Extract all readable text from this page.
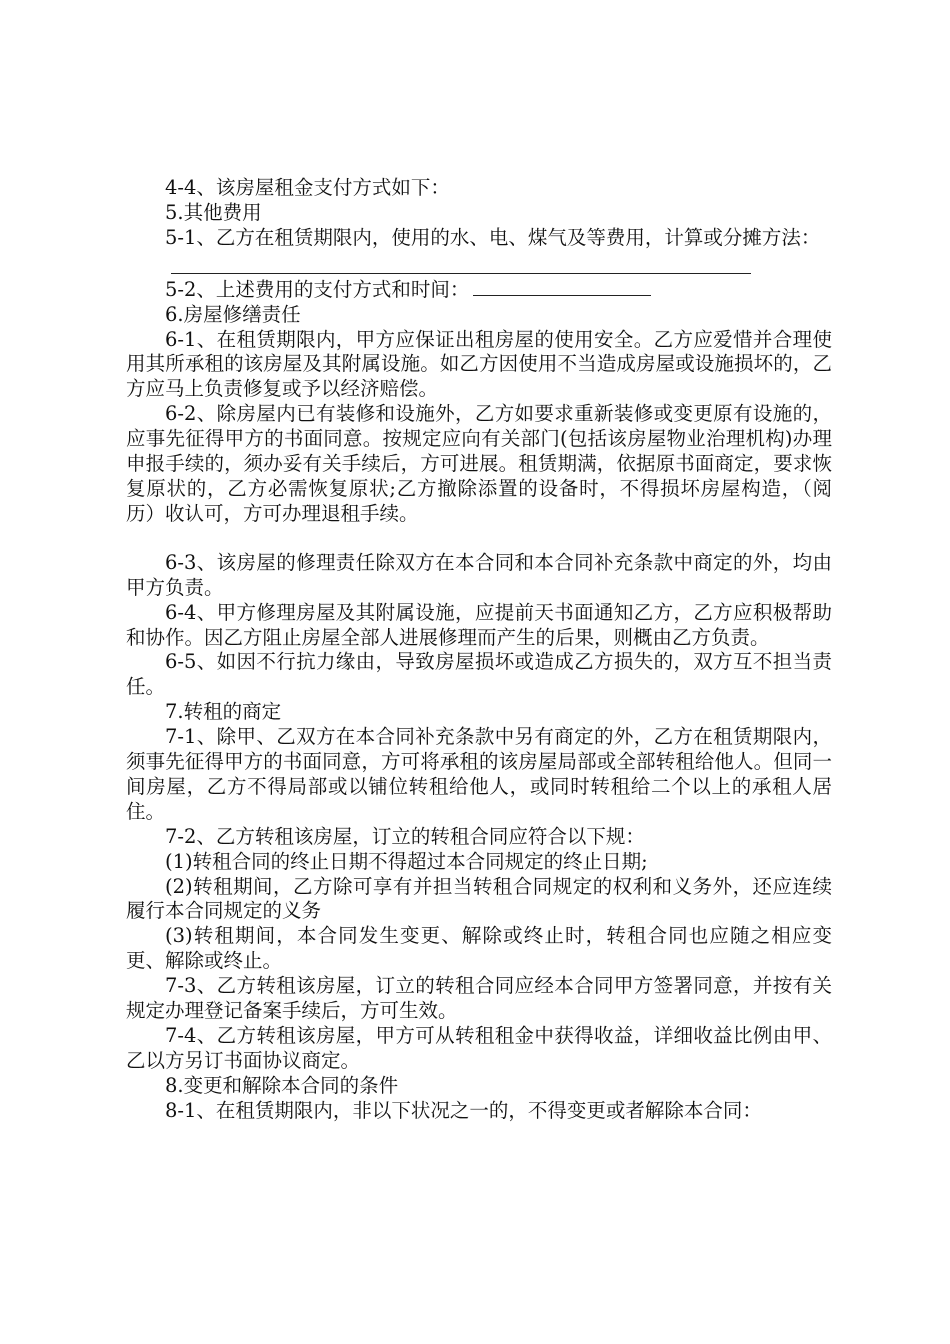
4-4、该房屋租金支付方式如下：

5.其他费用

5-1、乙方在租赁期限内，使用的水、电、煤气及等费用，计算或分摊方法：

5-2、上述费用的支付方式和时间：

6.房屋修缮责任

6-1、在租赁期限内，甲方应保证出租房屋的使用安全。乙方应爱惜并合理使用其所承租的该房屋及其附属设施。如乙方因使用不当造成房屋或设施损坏的，乙方应马上负责修复或予以经济赔偿。

6-2、除房屋内已有装修和设施外，乙方如要求重新装修或变更原有设施的，应事先征得甲方的书面同意。按规定应向有关部门(包括该房屋物业治理机构)办理申报手续的，须办妥有关手续后，方可进展。租赁期满，依据原书面商定，要求恢复原状的，乙方必需恢复原状;乙方撤除添置的设备时，不得损坏房屋构造，（阅历）收认可，方可办理退租手续。

6-3、该房屋的修理责任除双方在本合同和本合同补充条款中商定的外，均由甲方负责。

6-4、甲方修理房屋及其附属设施，应提前天书面通知乙方，乙方应积极帮助和协作。因乙方阻止房屋全部人进展修理而产生的后果，则概由乙方负责。

6-5、如因不行抗力缘由，导致房屋损坏或造成乙方损失的，双方互不担当责任。

7.转租的商定

7-1、除甲、乙双方在本合同补充条款中另有商定的外，乙方在租赁期限内，须事先征得甲方的书面同意，方可将承租的该房屋局部或全部转租给他人。但同一间房屋，乙方不得局部或以铺位转租给他人，或同时转租给二个以上的承租人居住。

7-2、乙方转租该房屋，订立的转租合同应符合以下规：

(1)转租合同的终止日期不得超过本合同规定的终止日期;

(2)转租期间，乙方除可享有并担当转租合同规定的权利和义务外，还应连续履行本合同规定的义务

(3)转租期间，本合同发生变更、解除或终止时，转租合同也应随之相应变更、解除或终止。

7-3、乙方转租该房屋，订立的转租合同应经本合同甲方签署同意，并按有关规定办理登记备案手续后，方可生效。

7-4、乙方转租该房屋，甲方可从转租租金中获得收益，详细收益比例由甲、乙以方另订书面协议商定。

8.变更和解除本合同的条件

8-1、在租赁期限内，非以下状况之一的，不得变更或者解除本合同：
